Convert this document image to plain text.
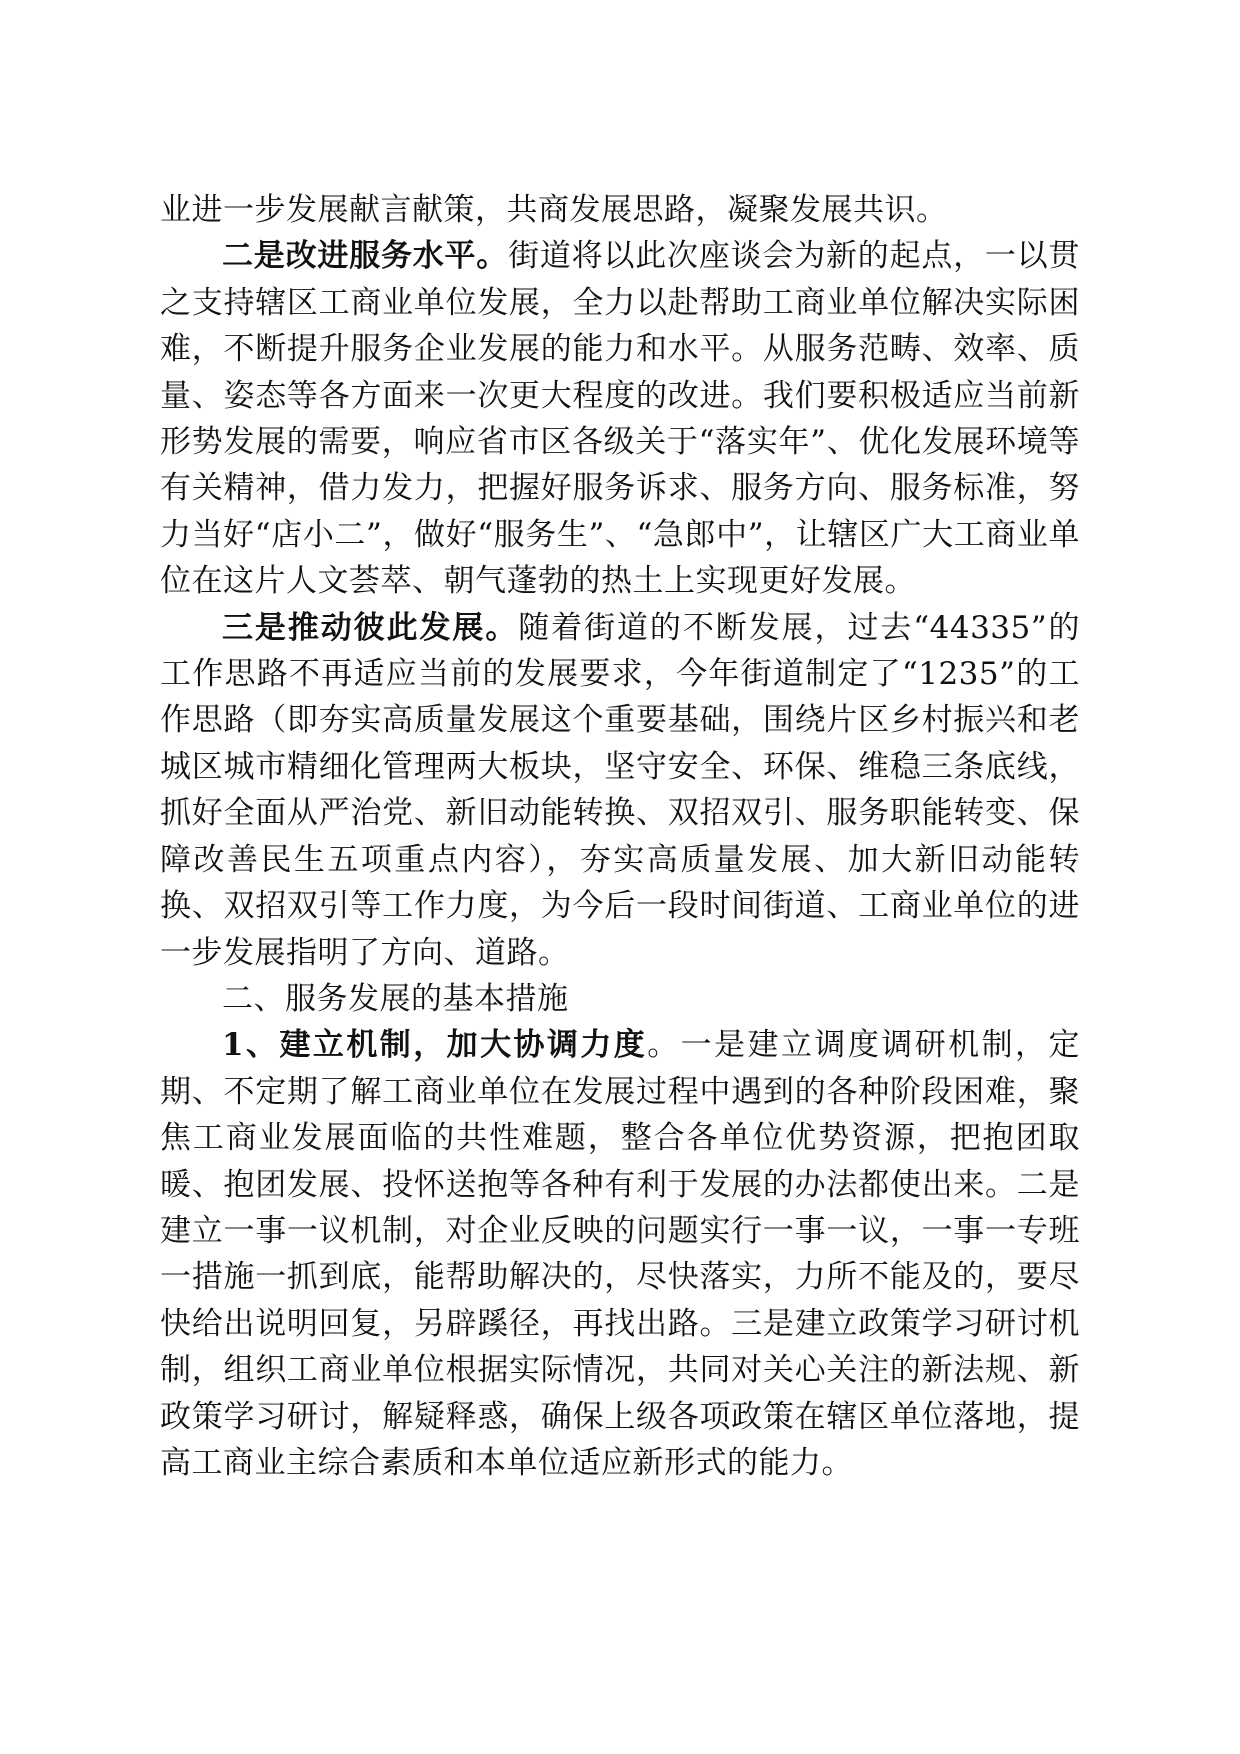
业进一步发展献言献策，共商发展思路，凝聚发展共识。

二是改进服务水平。街道将以此次座谈会为新的起点，一以贯之支持辖区工商业单位发展，全力以赴帮助工商业单位解决实际困难，不断提升服务企业发展的能力和水平。从服务范畴、效率、质量、姿态等各方面来一次更大程度的改进。我们要积极适应当前新形势发展的需要，响应省市区各级关于“落实年”、优化发展环境等有关精神，借力发力，把握好服务诉求、服务方向、服务标准，努力当好“店小二”，做好“服务生”、“急郎中”，让辖区广大工商业单位在这片人文荟萃、朝气蓬勃的热土上实现更好发展。

三是推动彼此发展。随着街道的不断发展，过去“44335”的工作思路不再适应当前的发展要求，今年街道制定了“1235”的工作思路（即夯实高质量发展这个重要基础，围绕片区乡村振兴和老城区城市精细化管理两大板块，坚守安全、环保、维稳三条底线，抓好全面从严治党、新旧动能转换、双招双引、服务职能转变、保障改善民生五项重点内容），夯实高质量发展、加大新旧动能转换、双招双引等工作力度，为今后一段时间街道、工商业单位的进一步发展指明了方向、道路。

二、服务发展的基本措施

1、建立机制，加大协调力度。一是建立调度调研机制，定期、不定期了解工商业单位在发展过程中遇到的各种阶段困难，聚焦工商业发展面临的共性难题，整合各单位优势资源，把抱团取暖、抱团发展、投怀送抱等各种有利于发展的办法都使出来。二是建立一事一议机制，对企业反映的问题实行一事一议，一事一专班一措施一抓到底，能帮助解决的，尽快落实，力所不能及的，要尽快给出说明回复，另辟蹊径，再找出路。三是建立政策学习研讨机制，组织工商业单位根据实际情况，共同对关心关注的新法规、新政策学习研讨，解疑释惑，确保上级各项政策在辖区单位落地，提高工商业主综合素质和本单位适应新形式的能力。
